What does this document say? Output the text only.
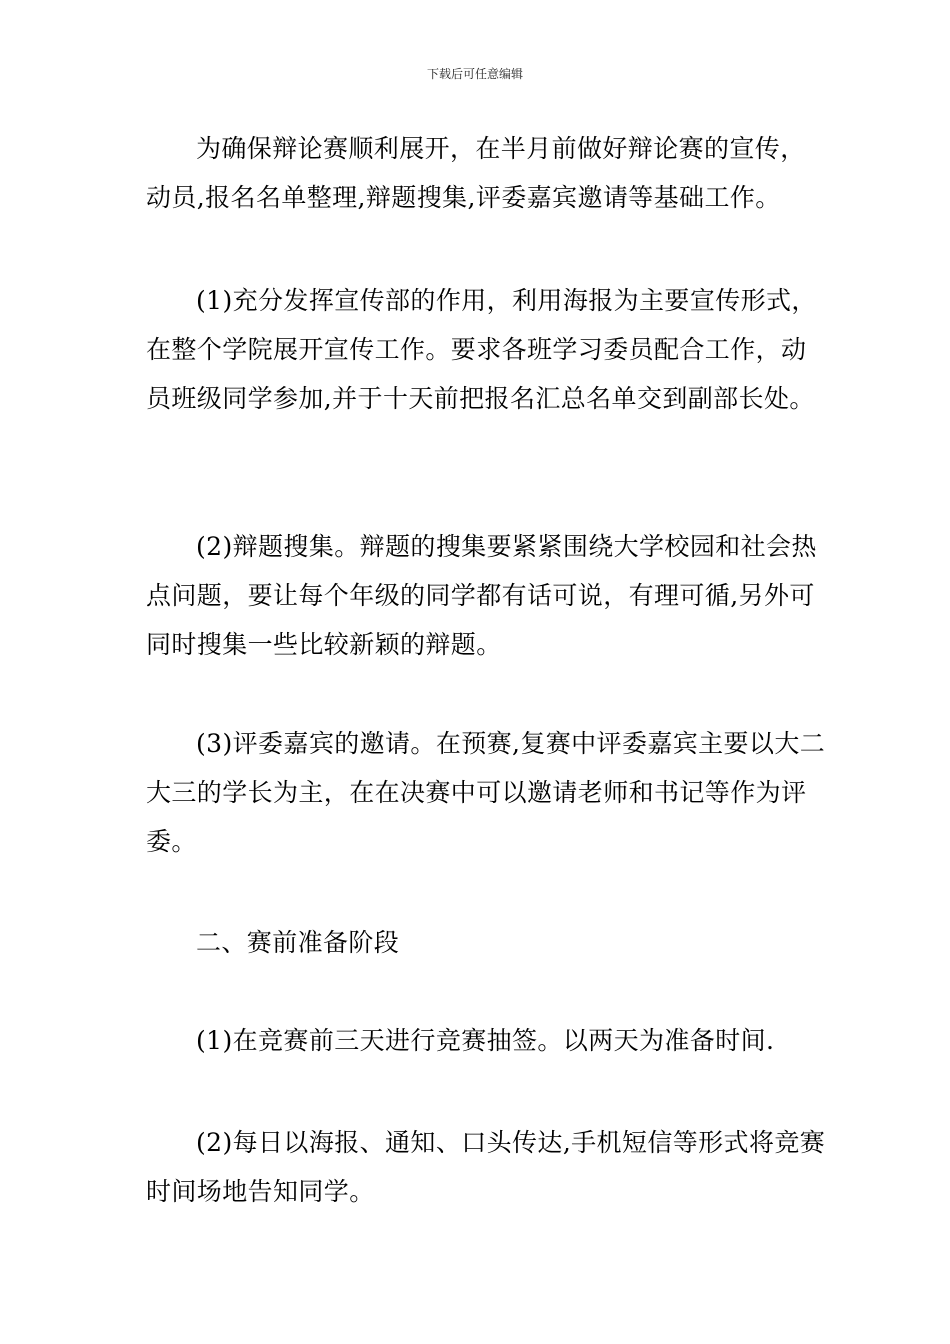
下载后可任意编辑

为确保辩论赛顺利展开，在半月前做好辩论赛的宣传，动员,报名名单整理,辩题搜集,评委嘉宾邀请等基础工作。

(1)充分发挥宣传部的作用，利用海报为主要宣传形式，在整个学院展开宣传工作。要求各班学习委员配合工作，动员班级同学参加,并于十天前把报名汇总名单交到副部长处。

(2)辩题搜集。辩题的搜集要紧紧围绕大学校园和社会热点问题，要让每个年级的同学都有话可说，有理可循,另外可同时搜集一些比较新颖的辩题。

(3)评委嘉宾的邀请。在预赛,复赛中评委嘉宾主要以大二大三的学长为主，在在决赛中可以邀请老师和书记等作为评委。

二、赛前准备阶段

(1)在竞赛前三天进行竞赛抽签。以两天为准备时间.

(2)每日以海报、通知、口头传达,手机短信等形式将竞赛时间场地告知同学。
